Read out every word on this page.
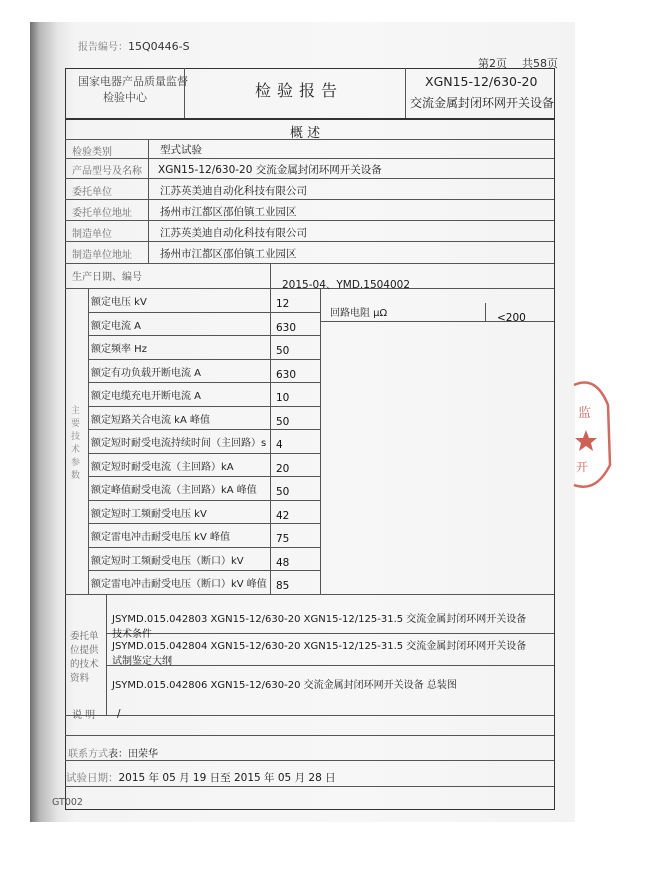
报告编号：15Q0446-S
第2页 共58页
国家电器产品质量监督
检验中心	检验报告	XGN15-12/630-20
交流金属封闭环网开关设备
概 述
检验类别	型式试验
产品型号及名称 XGN15-12/630-20 交流金属封闭环网开关设备
委托单位	江苏英美迪自动化科技有限公司
委托单位地址	扬州市江都区邵伯镇工业园区
制造单位	江苏英美迪自动化科技有限公司
制造单位地址	扬州市江都区邵伯镇工业园区
生产日期、编号
2015-04、YMD.1504002
主要技术参数
回路电阻 μΩ	<200
额定电压 kV	12
额定电流 A	630
额定频率 Hz	50
额定有功负载开断电流 A	630
额定电缆充电开断电流 A	10
额定短路关合电流 kA 峰值	50
额定短时耐受电流持续时间（主回路）s 4
额定短时耐受电流（主回路）kA	20
额定峰值耐受电流（主回路）kA 峰值 50
额定短时工频耐受电压 kV	42
额定雷电冲击耐受电压 kV 峰值	75
额定短时工频耐受电压（断口）kV	48
额定雷电冲击耐受电压（断口）kV 峰值 85
委托单位提供的技术资料
JSYMD.015.042803 XGN15-12/630-20 XGN15-12/125-31.5 交流金属封闭环网开关设备
技术条件
JSYMD.015.042804 XGN15-12/630-20 XGN15-12/125-31.5 交流金属封闭环网开关设备
试制鉴定大纲
JSYMD.015.042806 XGN15-12/630-20 交流金属封闭环网开关设备 总装图
说 明 /
联系方式表：田荣华
试验日期：2015 年 05 月 19 日至 2015 年 05 月 28 日
GT002
监
开
